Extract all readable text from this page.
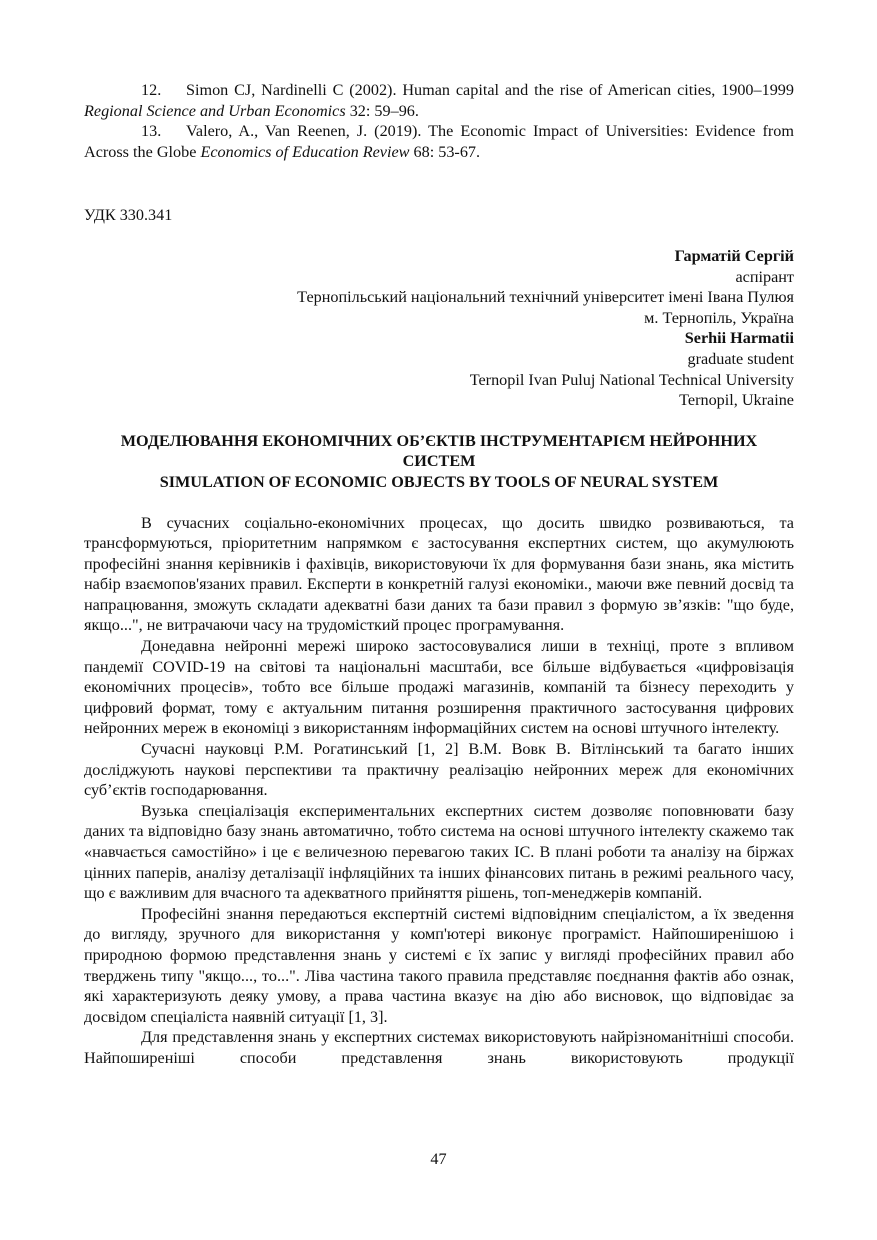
12. Simon CJ, Nardinelli C (2002). Human capital and the rise of American cities, 1900–1999 Regional Science and Urban Economics 32: 59–96.

13. Valero, A., Van Reenen, J. (2019). The Economic Impact of Universities: Evidence from Across the Globe Economics of Education Review 68: 53-67.

УДК 330.341
Гарматій Сергій
аспірант
Тернопільський національний технічний університет імені Івана Пулюя
м. Тернопіль, Україна
Serhii Harmatii
graduate student
Ternopil Ivan Puluj National Technical University
Ternopil, Ukraine
МОДЕЛЮВАННЯ ЕКОНОМІЧНИХ ОБ’ЄКТІВ ІНСТРУМЕНТАРІЄМ НЕЙРОННИХ
СИСТЕМ
SIMULATION OF ECONOMIC OBJECTS BY TOOLS OF NEURAL SYSTEM

В сучасних соціально-економічних процесах, що досить швидко розвиваються, та трансформуються, пріоритетним напрямком є застосування експертних систем, що акумулюють професійні знання керівників і фахівців, використовуючи їх для формування бази знань, яка містить набір взаємопов'язаних правил. Експерти в конкретній галузі економіки., маючи вже певний досвід та напрацювання, зможуть складати адекватні бази даних та бази правил з формую зв’язків: "що буде, якщо...", не витрачаючи часу на трудомісткий процес програмування.

Донедавна нейронні мережі широко застосовувалися лиши в техніці, проте з впливом пандемії COVID-19 на світові та національні масштаби, все більше відбувається «цифровізація економічних процесів», тобто все більше продажі магазинів, компаній та бізнесу переходить у цифровий формат, тому є актуальним питання розширення практичного застосування цифрових нейронних мереж в економіці з використанням інформаційних систем на основі штучного інтелекту.

Сучасні науковці Р.М. Рогатинський [1, 2] В.М. Вовк В. Вітлінський та багато інших досліджують наукові перспективи та практичну реалізацію нейронних мереж для економічних суб’єктів господарювання.

Вузька спеціалізація експериментальних експертних систем дозволяє поповнювати базу даних та відповідно базу знань автоматично, тобто система на основі штучного інтелекту скажемо так «навчається самостійно» і це є величезною перевагою таких ІС. В плані роботи та аналізу на біржах цінних паперів, аналізу деталізації інфляційних та інших фінансових питань в режимі реального часу, що є важливим для вчасного та адекватного прийняття рішень, топ-менеджерів компаній.

Професійні знання передаються експертній системі відповідним спеціалістом, а їх зведення до вигляду, зручного для використання у комп'ютері виконує програміст. Найпоширенішою і природною формою представлення знань у системі є їх запис у вигляді професійних правил або тверджень типу "якщо..., то...". Ліва частина такого правила представляє поєднання фактів або ознак, які характеризують деяку умову, а права частина вказує на дію або висновок, що відповідає за досвідом спеціаліста наявній ситуації [1, 3].

Для представлення знань у експертних системах використовують найрізноманітніші способи. Найпоширеніші способи представлення знань використовують продукції

47
